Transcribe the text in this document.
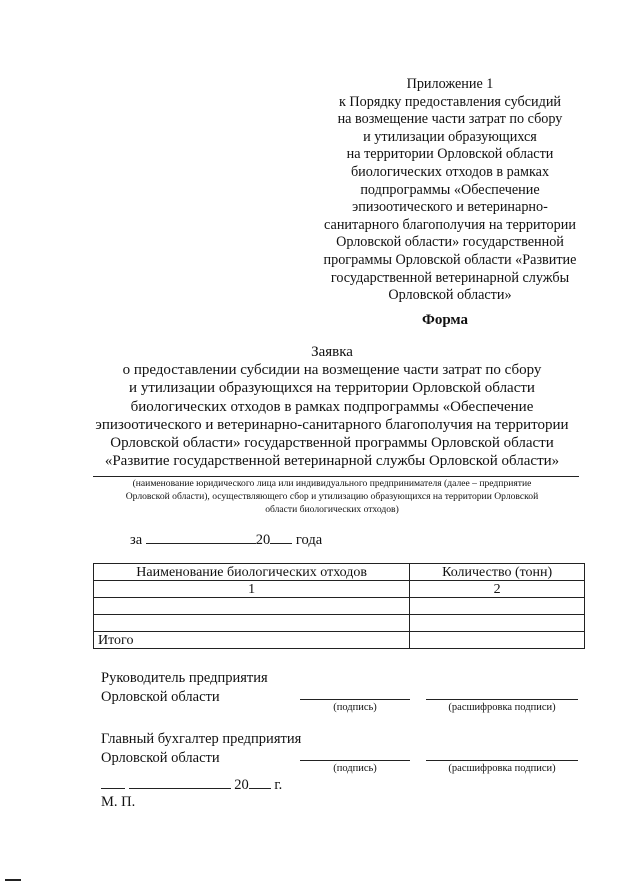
Приложение 1
к Порядку предоставления субсидий
на возмещение части затрат по сбору
и утилизации образующихся
на территории Орловской области
биологических отходов в рамках
подпрограммы «Обеспечение
эпизоотического и ветеринарно-
санитарного благополучия на территории
Орловской области» государственной
программы Орловской области «Развитие
государственной ветеринарной службы
Орловской области»
Форма
Заявка
о предоставлении субсидии на возмещение части затрат по сбору
и утилизации образующихся на территории Орловской области
биологических отходов в рамках подпрограммы «Обеспечение
эпизоотического и ветеринарно-санитарного благополучия на территории
Орловской области» государственной программы Орловской области
«Развитие государственной ветеринарной службы Орловской области»
(наименование юридического лица или индивидуального предпринимателя (далее – предприятие
Орловской области), осуществляющего сбор и утилизацию образующихся на территории Орловской
области биологических отходов)
за	20 года
Наименование биологических отходов	Количество (тонн)
1	2

Итого	
Руководитель предприятия
Орловской области
(подпись)	(расшифровка подписи)
Главный бухгалтер предприятия
Орловской области
(подпись)	(расшифровка подписи)
20 г.
М. П.
